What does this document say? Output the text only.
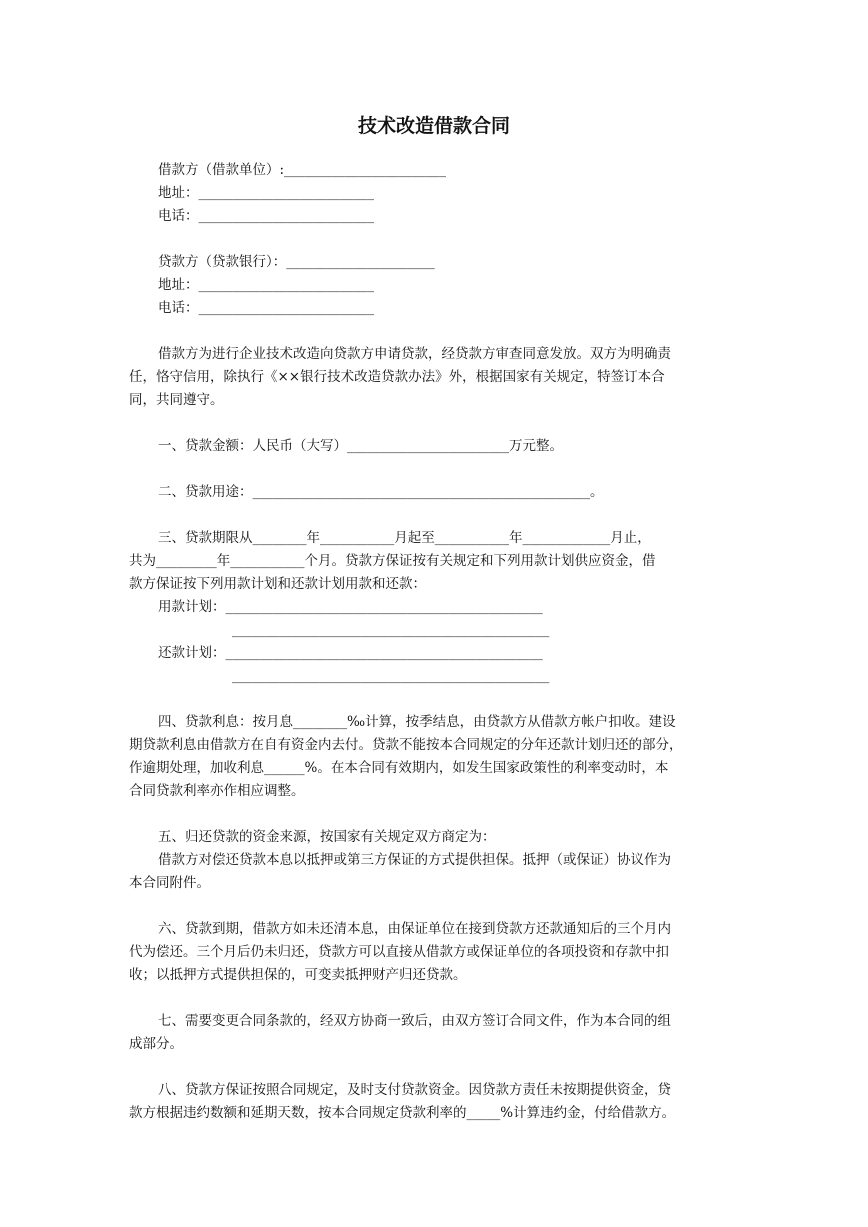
技术改造借款合同
借款方（借款单位）:________________________
地址：__________________________
电话：__________________________
贷款方（贷款银行）：______________________
地址：__________________________
电话：__________________________
借款方为进行企业技术改造向贷款方申请贷款，经贷款方审查同意发放。双方为明确责
任，恪守信用，除执行《××银行技术改造贷款办法》外，根据国家有关规定，特签订本合
同，共同遵守。
一、贷款金额：人民币（大写）________________________万元整。
二、贷款用途：__________________________________________________。
三、贷款期限从________年___________月起至___________年_____________月止，
共为_________年___________个月。贷款方保证按有关规定和下列用款计划供应资金，借
款方保证按下列用款计划和还款计划用款和还款：
用款计划：_______________________________________________
_______________________________________________
还款计划：_______________________________________________
_______________________________________________
四、贷款利息：按月息________‰计算，按季结息，由贷款方从借款方帐户扣收。建设
期贷款利息由借款方在自有资金内去付。贷款不能按本合同规定的分年还款计划归还的部分，
作逾期处理，加收利息______%。在本合同有效期内，如发生国家政策性的利率变动时，本
合同贷款利率亦作相应调整。
五、归还贷款的资金来源，按国家有关规定双方商定为：
借款方对偿还贷款本息以抵押或第三方保证的方式提供担保。抵押（或保证）协议作为
本合同附件。
六、贷款到期，借款方如未还清本息，由保证单位在接到贷款方还款通知后的三个月内
代为偿还。三个月后仍未归还，贷款方可以直接从借款方或保证单位的各项投资和存款中扣
收；以抵押方式提供担保的，可变卖抵押财产归还贷款。
七、需要变更合同条款的，经双方协商一致后，由双方签订合同文件，作为本合同的组
成部分。
八、贷款方保证按照合同规定，及时支付贷款资金。因贷款方责任未按期提供资金，贷
款方根据违约数额和延期天数，按本合同规定贷款利率的_____%计算违约金，付给借款方。
